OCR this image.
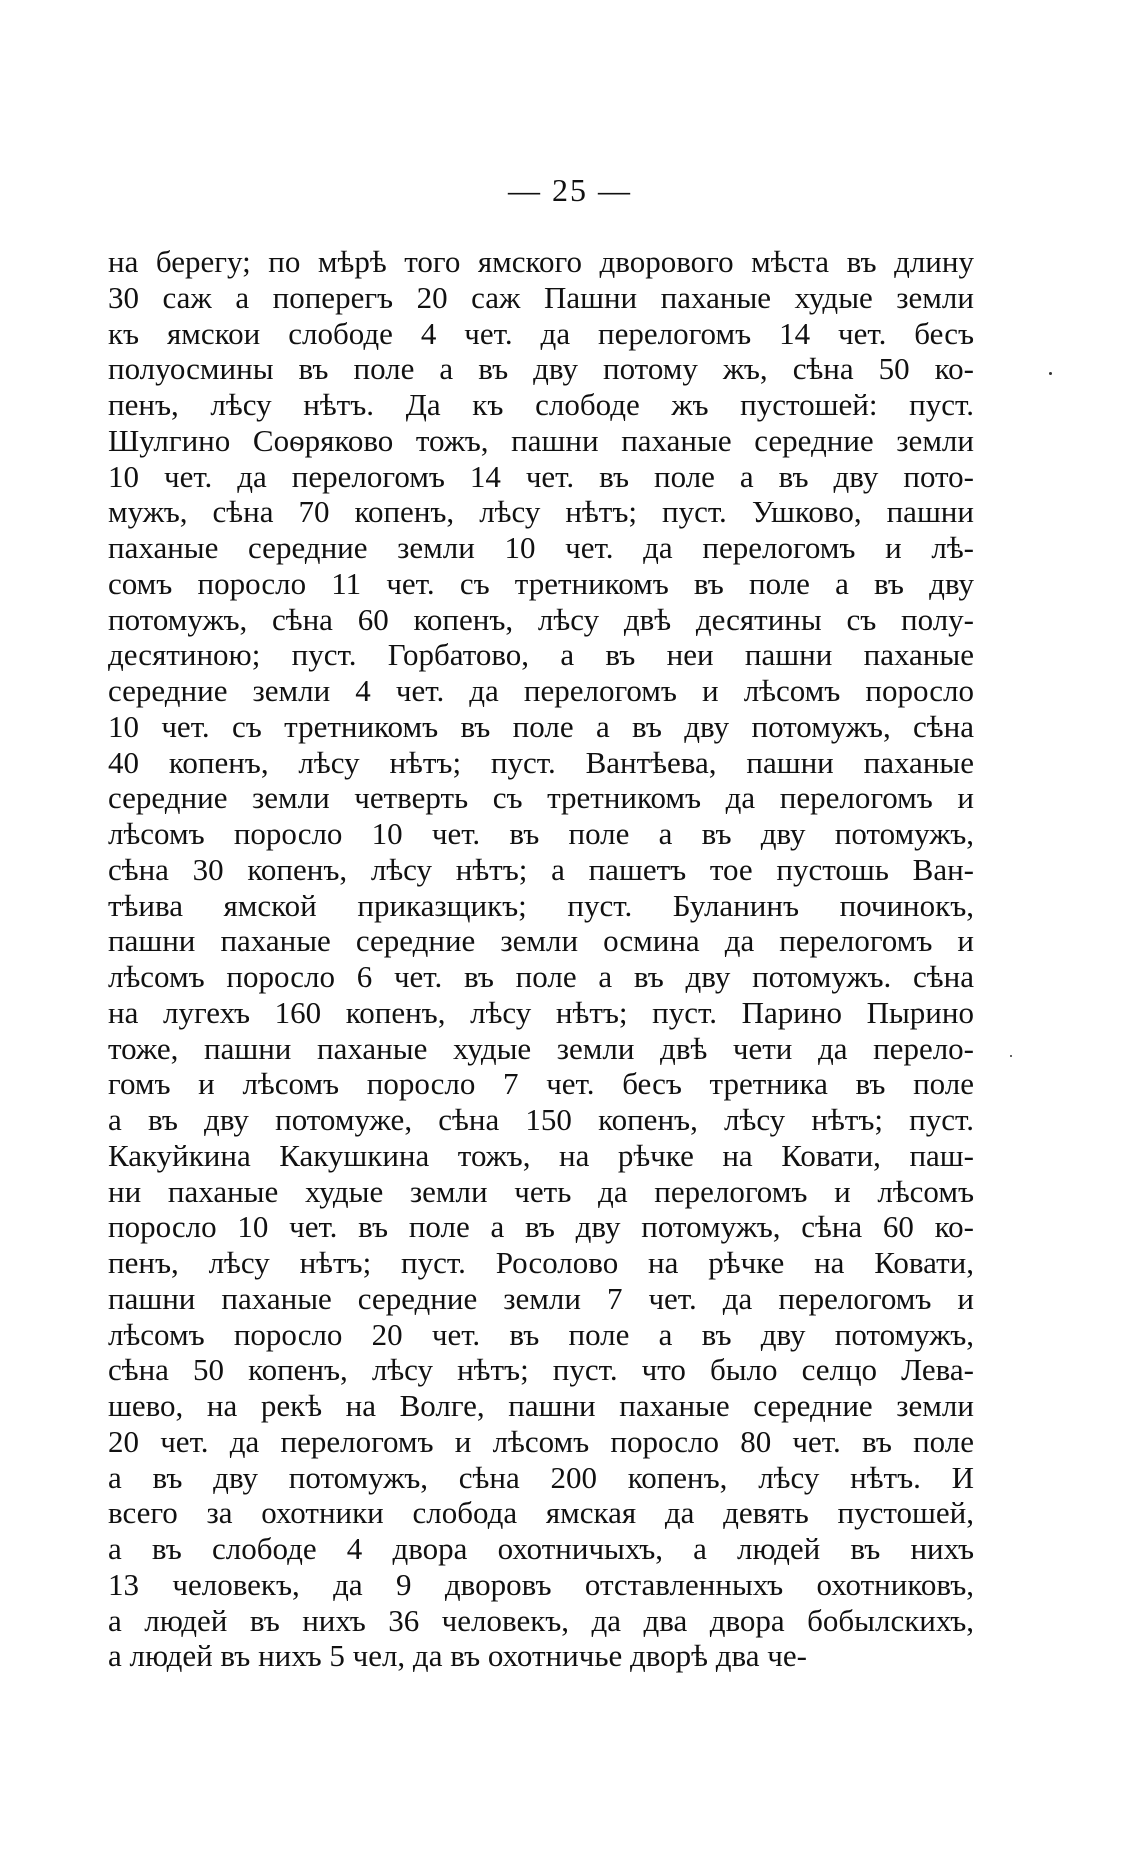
— 25 —
на берегу; по мѣрѣ того ямского дворового мѣста въ длину
30 саж а поперегъ 20 саж Пашни паханые худые земли
къ ямскои слободе 4 чет. да перелогомъ 14 чет. бесъ
полуосмины въ поле а въ дву потому жъ, сѣна 50 ко-
пенъ, лѣсу нѣтъ. Да къ слободе жъ пустошей: пуст.
Шулгино Соѳряково тожъ, пашни паханые середние земли
10 чет. да перелогомъ 14 чет. въ поле а въ дву пото-
мужъ, сѣна 70 копенъ, лѣсу нѣтъ; пуст. Ушково, пашни
паханые середние земли 10 чет. да перелогомъ и лѣ-
сомъ поросло 11 чет. съ третникомъ въ поле а въ дву
потомужъ, сѣна 60 копенъ, лѣсу двѣ десятины съ полу-
десятиною; пуст. Горбатово, а въ неи пашни паханые
середние земли 4 чет. да перелогомъ и лѣсомъ поросло
10 чет. съ третникомъ въ поле а въ дву потомужъ, сѣна
40 копенъ, лѣсу нѣтъ; пуст. Вантѣева, пашни паханые
середние земли четверть съ третникомъ да перелогомъ и
лѣсомъ поросло 10 чет. въ поле а въ дву потомужъ,
сѣна 30 копенъ, лѣсу нѣтъ; а пашетъ тое пустошь Ван-
тѣива ямской приказщикъ; пуст. Буланинъ починокъ,
пашни паханые середние земли осмина да перелогомъ и
лѣсомъ поросло 6 чет. въ поле а въ дву потомужъ. сѣна
на лугехъ 160 копенъ, лѣсу нѣтъ; пуст. Парино Пырино
тоже, пашни паханые худые земли двѣ чети да перело-
гомъ и лѣсомъ поросло 7 чет. бесъ третника въ поле
а въ дву потомуже, сѣна 150 копенъ, лѣсу нѣтъ; пуст.
Какуйкина Какушкина тожъ, на рѣчке на Ковати, паш-
ни паханые худые земли четь да перелогомъ и лѣсомъ
поросло 10 чет. въ поле а въ дву потомужъ, сѣна 60 ко-
пенъ, лѣсу нѣтъ; пуст. Росолово на рѣчке на Ковати,
пашни паханые середние земли 7 чет. да перелогомъ и
лѣсомъ поросло 20 чет. въ поле а въ дву потомужъ,
сѣна 50 копенъ, лѣсу нѣтъ; пуст. что было селцо Лева-
шево, на рекѣ на Волге, пашни паханые середние земли
20 чет. да перелогомъ и лѣсомъ поросло 80 чет. въ поле
а въ дву потомужъ, сѣна 200 копенъ, лѣсу нѣтъ. И
всего за охотники слобода ямская да девять пустошей,
а въ слободе 4 двора охотничыхъ, а людей въ нихъ
13 человекъ, да 9 дворовъ отставленныхъ охотниковъ,
а людей въ нихъ 36 человекъ, да два двора бобылскихъ,
а людей въ нихъ 5 чел, да въ охотничье дворѣ два че-
